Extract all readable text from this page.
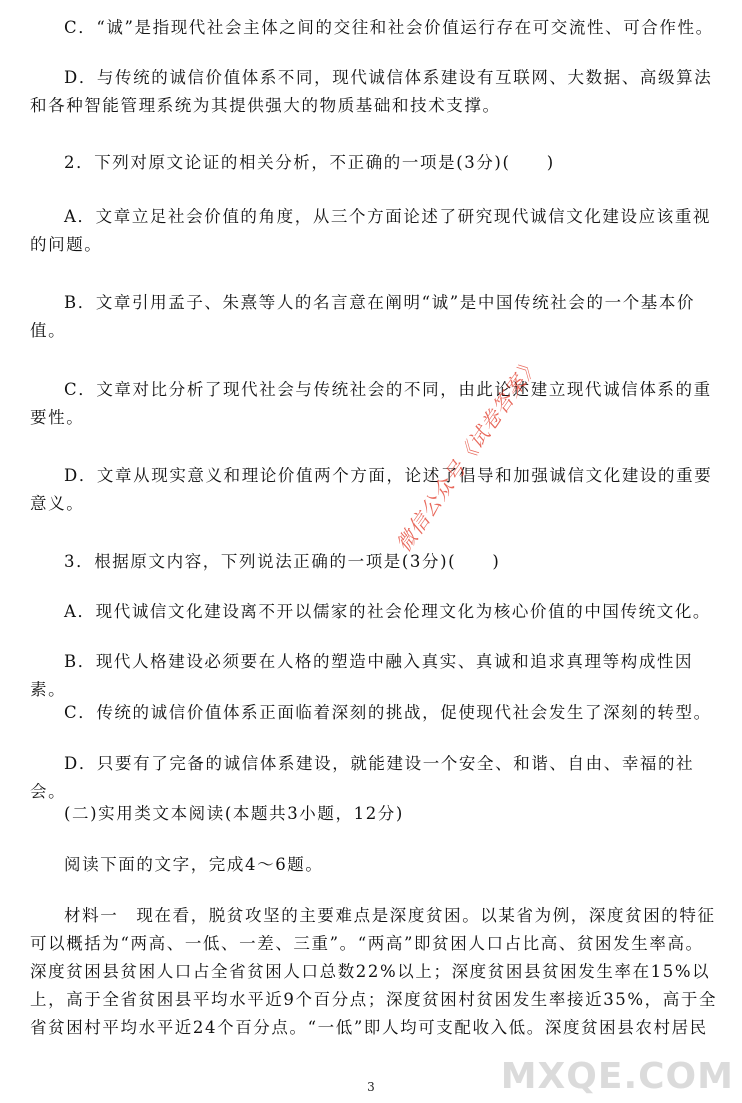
C．“诚”是指现代社会主体之间的交往和社会价值运行存在可交流性、可合作性。
D．与传统的诚信价值体系不同，现代诚信体系建设有互联网、大数据、高级算法和各种智能管理系统为其提供强大的物质基础和技术支撑。
2．下列对原文论证的相关分析，不正确的一项是(3分)(　　)
A．文章立足社会价值的角度，从三个方面论述了研究现代诚信文化建设应该重视的问题。
B．文章引用孟子、朱熹等人的名言意在阐明“诚”是中国传统社会的一个基本价值。
C．文章对比分析了现代社会与传统社会的不同，由此论述建立现代诚信体系的重要性。
D．文章从现实意义和理论价值两个方面，论述了倡导和加强诚信文化建设的重要意义。
3．根据原文内容，下列说法正确的一项是(3分)(　　)
A．现代诚信文化建设离不开以儒家的社会伦理文化为核心价值的中国传统文化。
B．现代人格建设必须要在人格的塑造中融入真实、真诚和追求真理等构成性因素。
C．传统的诚信价值体系正面临着深刻的挑战，促使现代社会发生了深刻的转型。
D．只要有了完备的诚信体系建设，就能建设一个安全、和谐、自由、幸福的社会。
(二)实用类文本阅读(本题共3小题，12分)
阅读下面的文字，完成4～6题。
材料一　现在看，脱贫攻坚的主要难点是深度贫困。以某省为例，深度贫困的特征可以概括为“两高、一低、一差、三重”。“两高”即贫困人口占比高、贫困发生率高。深度贫困县贫困人口占全省贫困人口总数22%以上；深度贫困县贫困发生率在15%以上，高于全省贫困县平均水平近9个百分点；深度贫困村贫困发生率接近35%，高于全省贫困村平均水平近24个百分点。“一低”即人均可支配收入低。深度贫困县农村居民
微信公众号《试卷答案》
MXQE.COM
3
